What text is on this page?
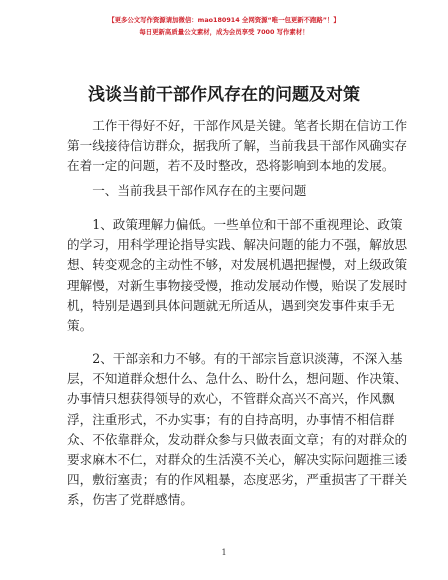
【更多公文写作资源请加微信：mao180914 全网资源“唯一包更新不跑路”！】
每日更新高质量公文素材，成为会员享受 7000 写作素材！
浅谈当前干部作风存在的问题及对策
工作干得好不好，干部作风是关键。笔者长期在信访工作
第一线接待信访群众，据我所了解，当前我县干部作风确实存
在着一定的问题，若不及时整改，恐将影响到本地的发展。
一、当前我县干部作风存在的主要问题
1、政策理解力偏低。一些单位和干部不重视理论、政策
的学习，用科学理论指导实践、解决问题的能力不强，解放思
想、转变观念的主动性不够，对发展机遇把握慢，对上级政策
理解慢，对新生事物接受慢，推动发展动作慢，贻误了发展时
机，特别是遇到具体问题就无所适从，遇到突发事件束手无
策。
2、干部亲和力不够。有的干部宗旨意识淡薄，不深入基
层，不知道群众想什么、急什么、盼什么，想问题、作决策、
办事情只想获得领导的欢心，不管群众高兴不高兴，作风飘
浮，注重形式，不办实事；有的自持高明，办事情不相信群
众、不依靠群众，发动群众参与只做表面文章；有的对群众的
要求麻木不仁，对群众的生活漠不关心，解决实际问题推三诿
四，敷衍塞责；有的作风粗暴，态度恶劣，严重损害了干群关
系，伤害了党群感情。
1
